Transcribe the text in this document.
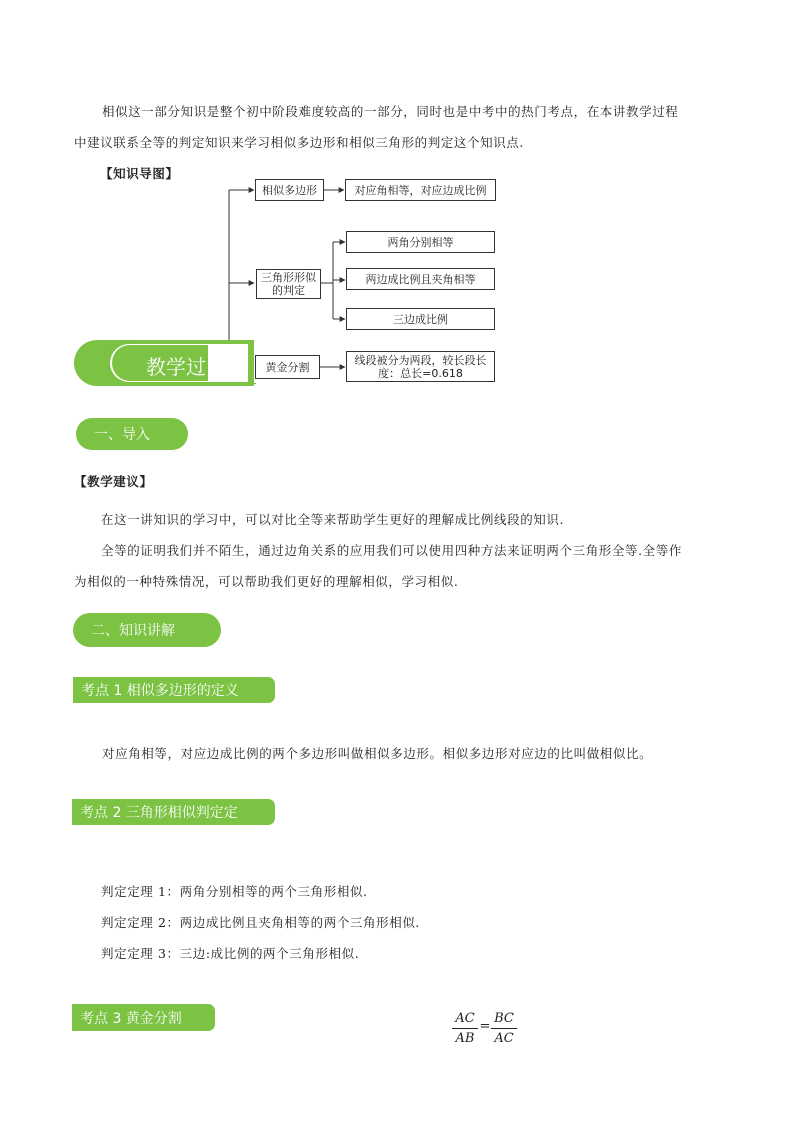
相似这一部分知识是整个初中阶段难度较高的一部分，同时也是中考中的热门考点，在本讲教学过程
中建议联系全等的判定知识来学习相似多边形和相似三角形的判定这个知识点.
【知识导图】
相似多边形	对应角相等，对应边成比例
三角形形似
的判定
两角分别相等
两边成比例且夹角相等
三边成比例
黄金分割
线段被分为两段，较长段长
度：总长=0.618
教学过
一、导入
【教学建议】
在这一讲知识的学习中，可以对比全等来帮助学生更好的理解成比例线段的知识.
全等的证明我们并不陌生，通过边角关系的应用我们可以使用四种方法来证明两个三角形全等.全等作
为相似的一种特殊情况，可以帮助我们更好的理解相似，学习相似.
二、知识讲解
考点 1 相似多边形的定义
对应角相等，对应边成比例的两个多边形叫做相似多边形。相似多边形对应边的比叫做相似比。
考点 2 三角形相似判定定
判定定理 1：两角分别相等的两个三角形相似.
判定定理 2：两边成比例且夹角相等的两个三角形相似.
判定定理 3：三边:成比例的两个三角形相似.
考点 3 黄金分割	AC
AB
=
BC
AC
